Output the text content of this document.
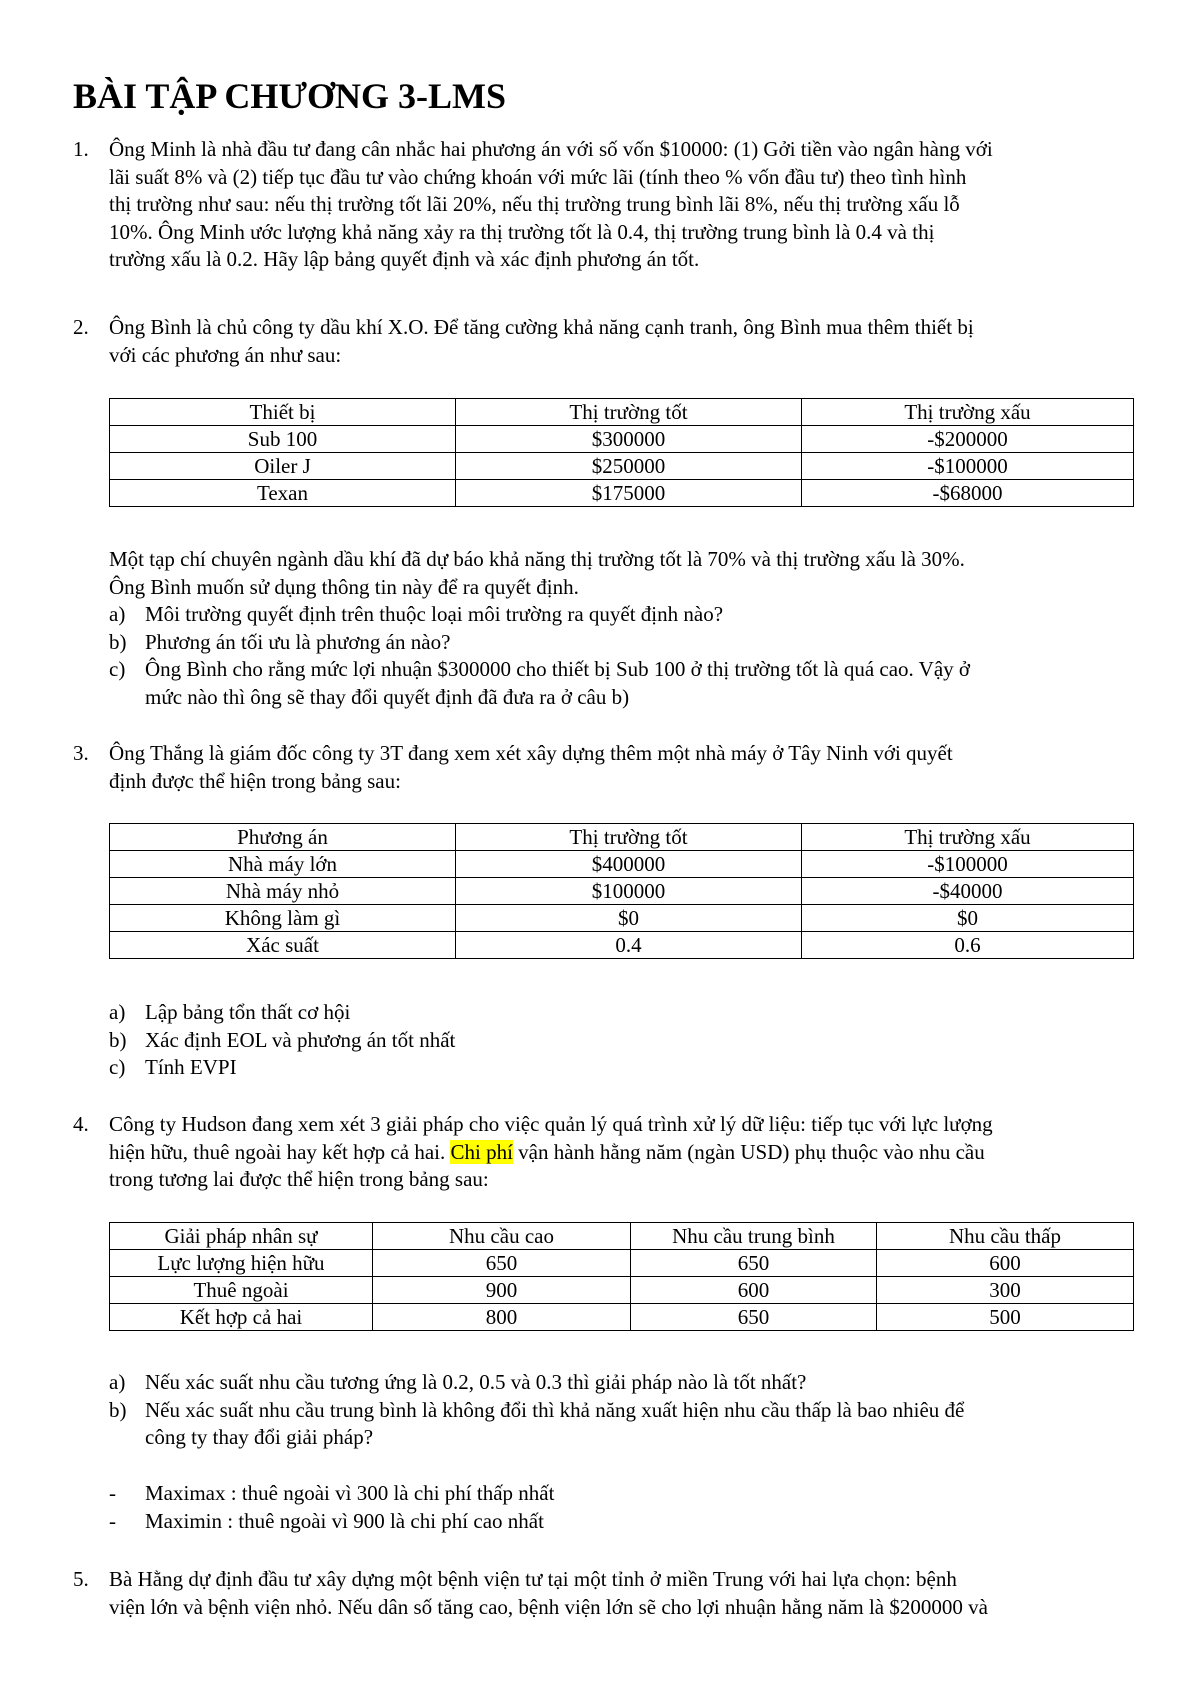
BÀI TẬP CHƯƠNG 3-LMS
1. Ông Minh là nhà đầu tư đang cân nhắc hai phương án với số vốn $10000: (1) Gởi tiền vào ngân hàng với

lãi suất 8% và (2) tiếp tục đầu tư vào chứng khoán với mức lãi (tính theo % vốn đầu tư) theo tình hình

thị trường như sau: nếu thị trường tốt lãi 20%, nếu thị trường trung bình lãi 8%, nếu thị trường xấu lỗ

10%. Ông Minh ước lượng khả năng xảy ra thị trường tốt là 0.4, thị trường trung bình là 0.4 và thị

trường xấu là 0.2. Hãy lập bảng quyết định và xác định phương án tốt.

2. Ông Bình là chủ công ty dầu khí X.O. Để tăng cường khả năng cạnh tranh, ông Bình mua thêm thiết bị

với các phương án như sau:

Thiết bị	Thị trường tốt	Thị trường xấu
Sub 100	$300000	-$200000
Oiler J	$250000	-$100000
Texan	$175000	-$68000
Một tạp chí chuyên ngành dầu khí đã dự báo khả năng thị trường tốt là 70% và thị trường xấu là 30%.
Ông Bình muốn sử dụng thông tin này để ra quyết định.
a) Môi trường quyết định trên thuộc loại môi trường ra quyết định nào?
b) Phương án tối ưu là phương án nào?
c) Ông Bình cho rằng mức lợi nhuận $300000 cho thiết bị Sub 100 ở thị trường tốt là quá cao. Vậy ở
mức nào thì ông sẽ thay đổi quyết định đã đưa ra ở câu b)
3. Ông Thắng là giám đốc công ty 3T đang xem xét xây dựng thêm một nhà máy ở Tây Ninh với quyết

định được thể hiện trong bảng sau:

Phương án	Thị trường tốt	Thị trường xấu
Nhà máy lớn	$400000	-$100000
Nhà máy nhỏ	$100000	-$40000
Không làm gì	$0	$0
Xác suất	0.4	0.6
a) Lập bảng tổn thất cơ hội
b) Xác định EOL và phương án tốt nhất
c) Tính EVPI
4. Công ty Hudson đang xem xét 3 giải pháp cho việc quản lý quá trình xử lý dữ liệu: tiếp tục với lực lượng

hiện hữu, thuê ngoài hay kết hợp cả hai. Chi phí vận hành hằng năm (ngàn USD) phụ thuộc vào nhu cầu

trong tương lai được thể hiện trong bảng sau:

Giải pháp nhân sự	Nhu cầu cao	Nhu cầu trung bình	Nhu cầu thấp
Lực lượng hiện hữu	650	650	600
Thuê ngoài	900	600	300
Kết hợp cả hai	800	650	500
a) Nếu xác suất nhu cầu tương ứng là 0.2, 0.5 và 0.3 thì giải pháp nào là tốt nhất?
b) Nếu xác suất nhu cầu trung bình là không đổi thì khả năng xuất hiện nhu cầu thấp là bao nhiêu để
công ty thay đổi giải pháp?
- Maximax : thuê ngoài vì 300 là chi phí thấp nhất
- Maximin : thuê ngoài vì 900 là chi phí cao nhất
5. Bà Hằng dự định đầu tư xây dựng một bệnh viện tư tại một tỉnh ở miền Trung với hai lựa chọn: bệnh

viện lớn và bệnh viện nhỏ. Nếu dân số tăng cao, bệnh viện lớn sẽ cho lợi nhuận hằng năm là $200000 và
